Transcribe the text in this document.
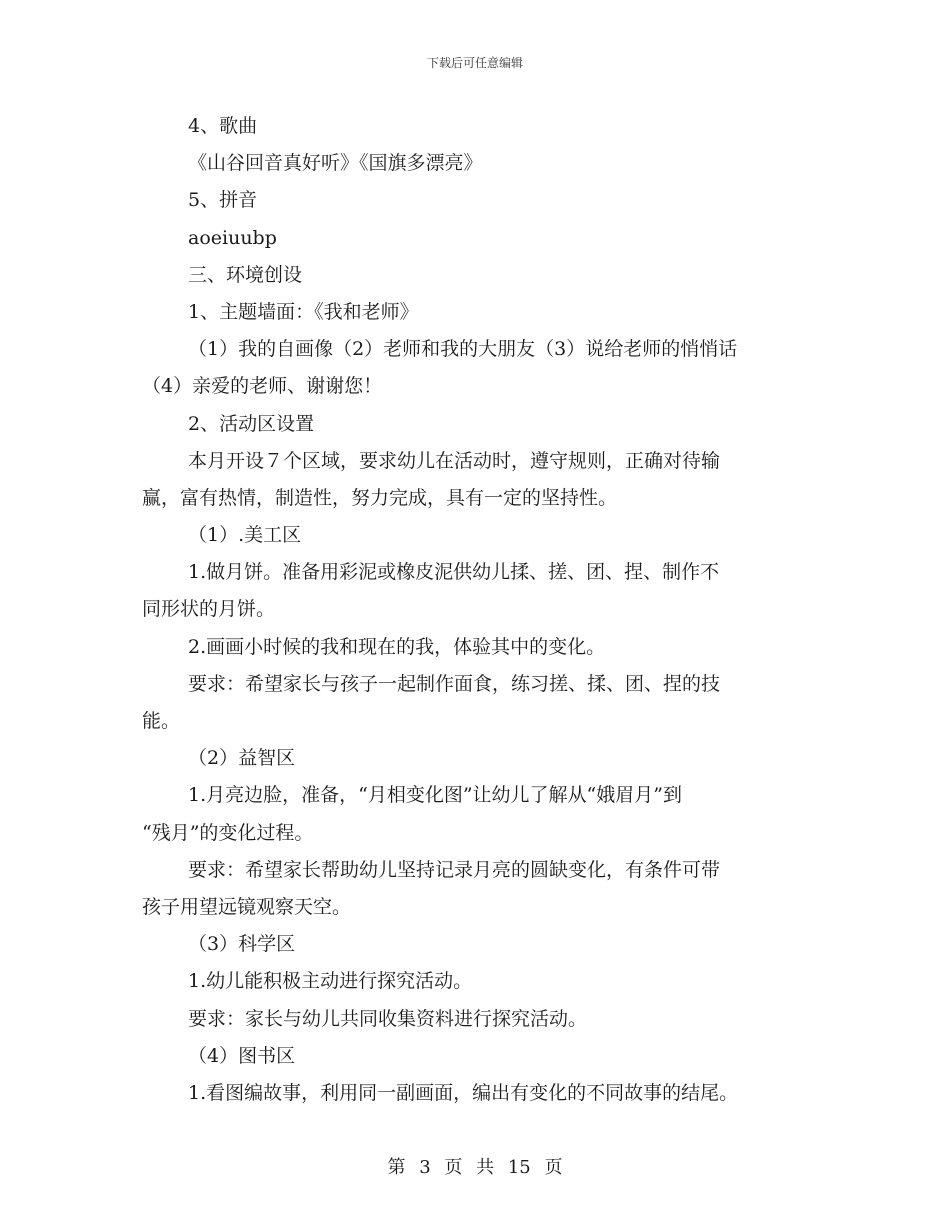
下载后可任意编辑
4、歌曲
《山谷回音真好听》《国旗多漂亮》
5、拼音
aoeiuubp
三、环境创设
1、主题墙面：《我和老师》
（1）我的自画像（2）老师和我的大朋友（3）说给老师的悄悄话
（4）亲爱的老师、谢谢您！
2、活动区设置
本月开设７个区域，要求幼儿在活动时，遵守规则，正确对待输
赢，富有热情，制造性，努力完成，具有一定的坚持性。
（1）.美工区
1.做月饼。准备用彩泥或橡皮泥供幼儿揉、搓、团、捏、制作不
同形状的月饼。
2.画画小时候的我和现在的我，体验其中的变化。
要求：希望家长与孩子一起制作面食，练习搓、揉、团、捏的技
能。
（2）益智区
1.月亮边脸，准备，“月相变化图”让幼儿了解从“娥眉月”到
“残月”的变化过程。
要求：希望家长帮助幼儿坚持记录月亮的圆缺变化，有条件可带
孩子用望远镜观察天空。
（3）科学区
1.幼儿能积极主动进行探究活动。
要求：家长与幼儿共同收集资料进行探究活动。
（4）图书区
1.看图编故事，利用同一副画面，编出有变化的不同故事的结尾。
第 3 页 共 15 页
